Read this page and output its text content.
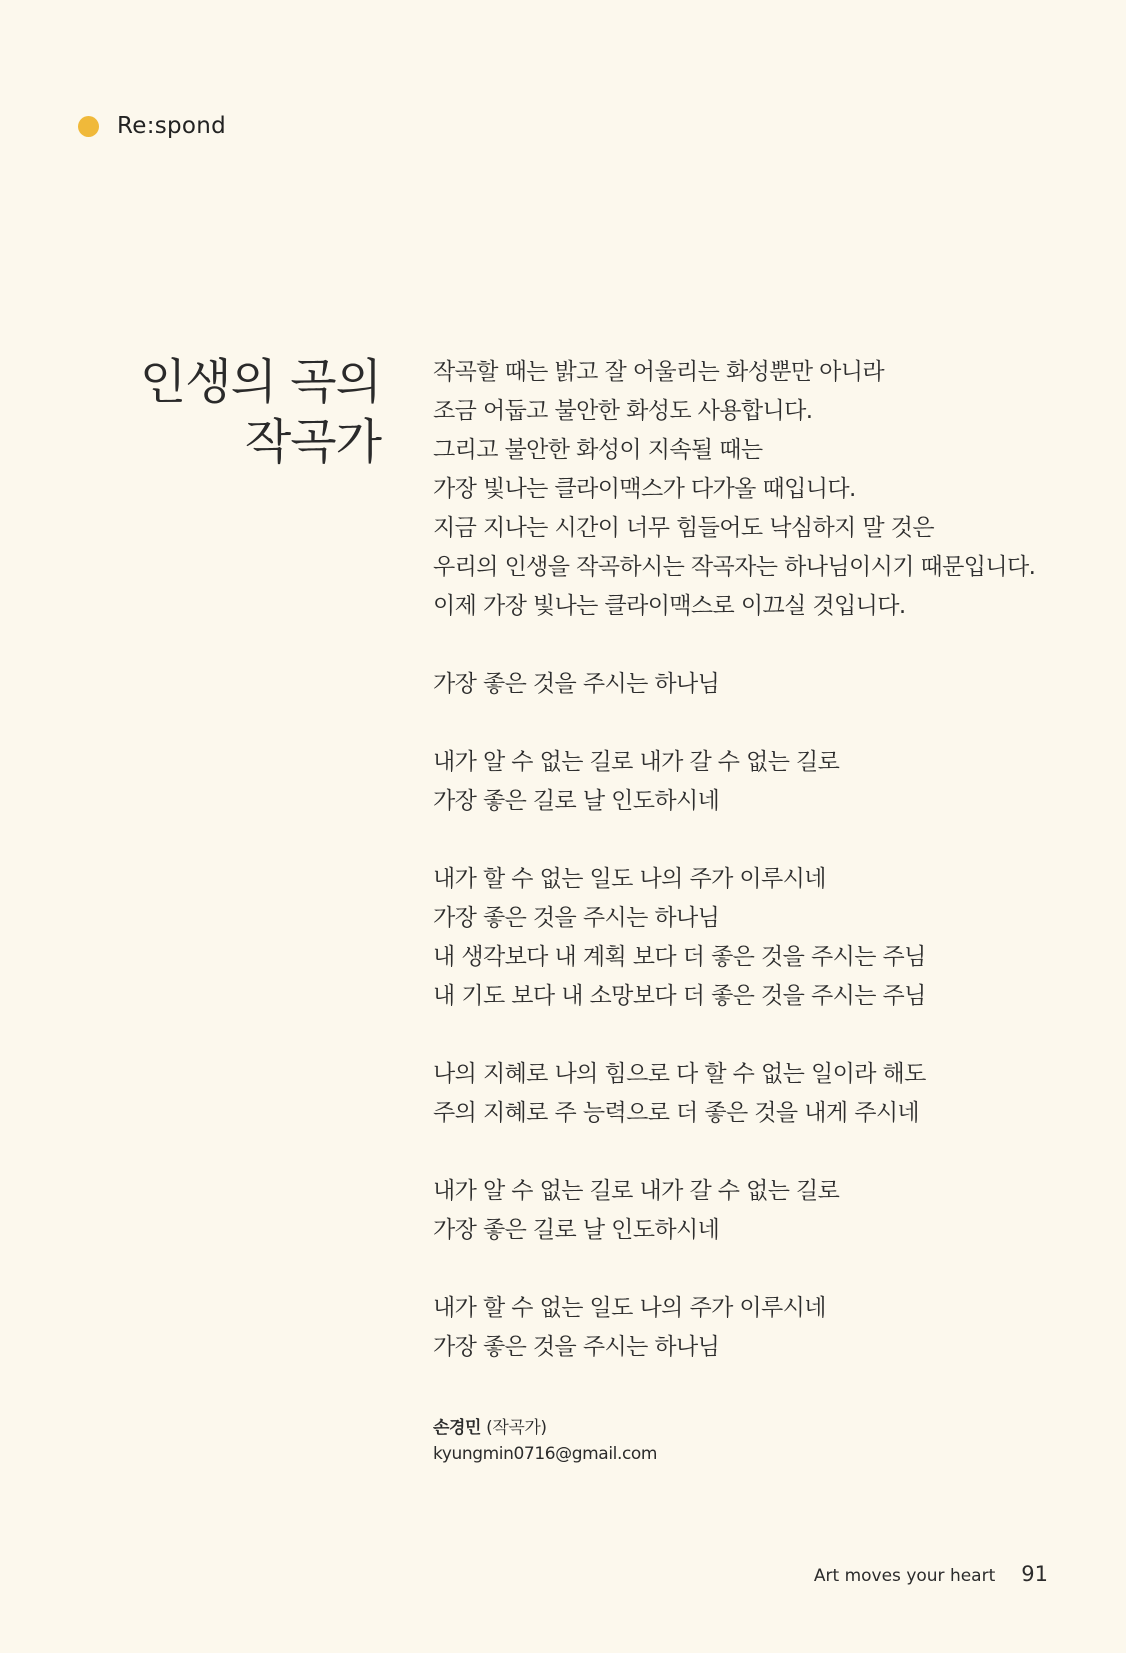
Re:spond
인생의 곡의
작곡가
작곡할 때는 밝고 잘 어울리는 화성뿐만 아니라
조금 어둡고 불안한 화성도 사용합니다.
그리고 불안한 화성이 지속될 때는
가장 빛나는 클라이맥스가 다가올 때입니다.
지금 지나는 시간이 너무 힘들어도 낙심하지 말 것은
우리의 인생을 작곡하시는 작곡자는 하나님이시기 때문입니다.
이제 가장 빛나는 클라이맥스로 이끄실 것입니다.
가장 좋은 것을 주시는 하나님
내가 알 수 없는 길로 내가 갈 수 없는 길로
가장 좋은 길로 날 인도하시네
내가 할 수 없는 일도 나의 주가 이루시네
가장 좋은 것을 주시는 하나님
내 생각보다 내 계획 보다 더 좋은 것을 주시는 주님
내 기도 보다 내 소망보다 더 좋은 것을 주시는 주님
나의 지혜로 나의 힘으로 다 할 수 없는 일이라 해도
주의 지혜로 주 능력으로 더 좋은 것을 내게 주시네
내가 알 수 없는 길로 내가 갈 수 없는 길로
가장 좋은 길로 날 인도하시네
내가 할 수 없는 일도 나의 주가 이루시네
가장 좋은 것을 주시는 하나님
손경민 (작곡가)
kyungmin0716@gmail.com
Art moves your heart 91
